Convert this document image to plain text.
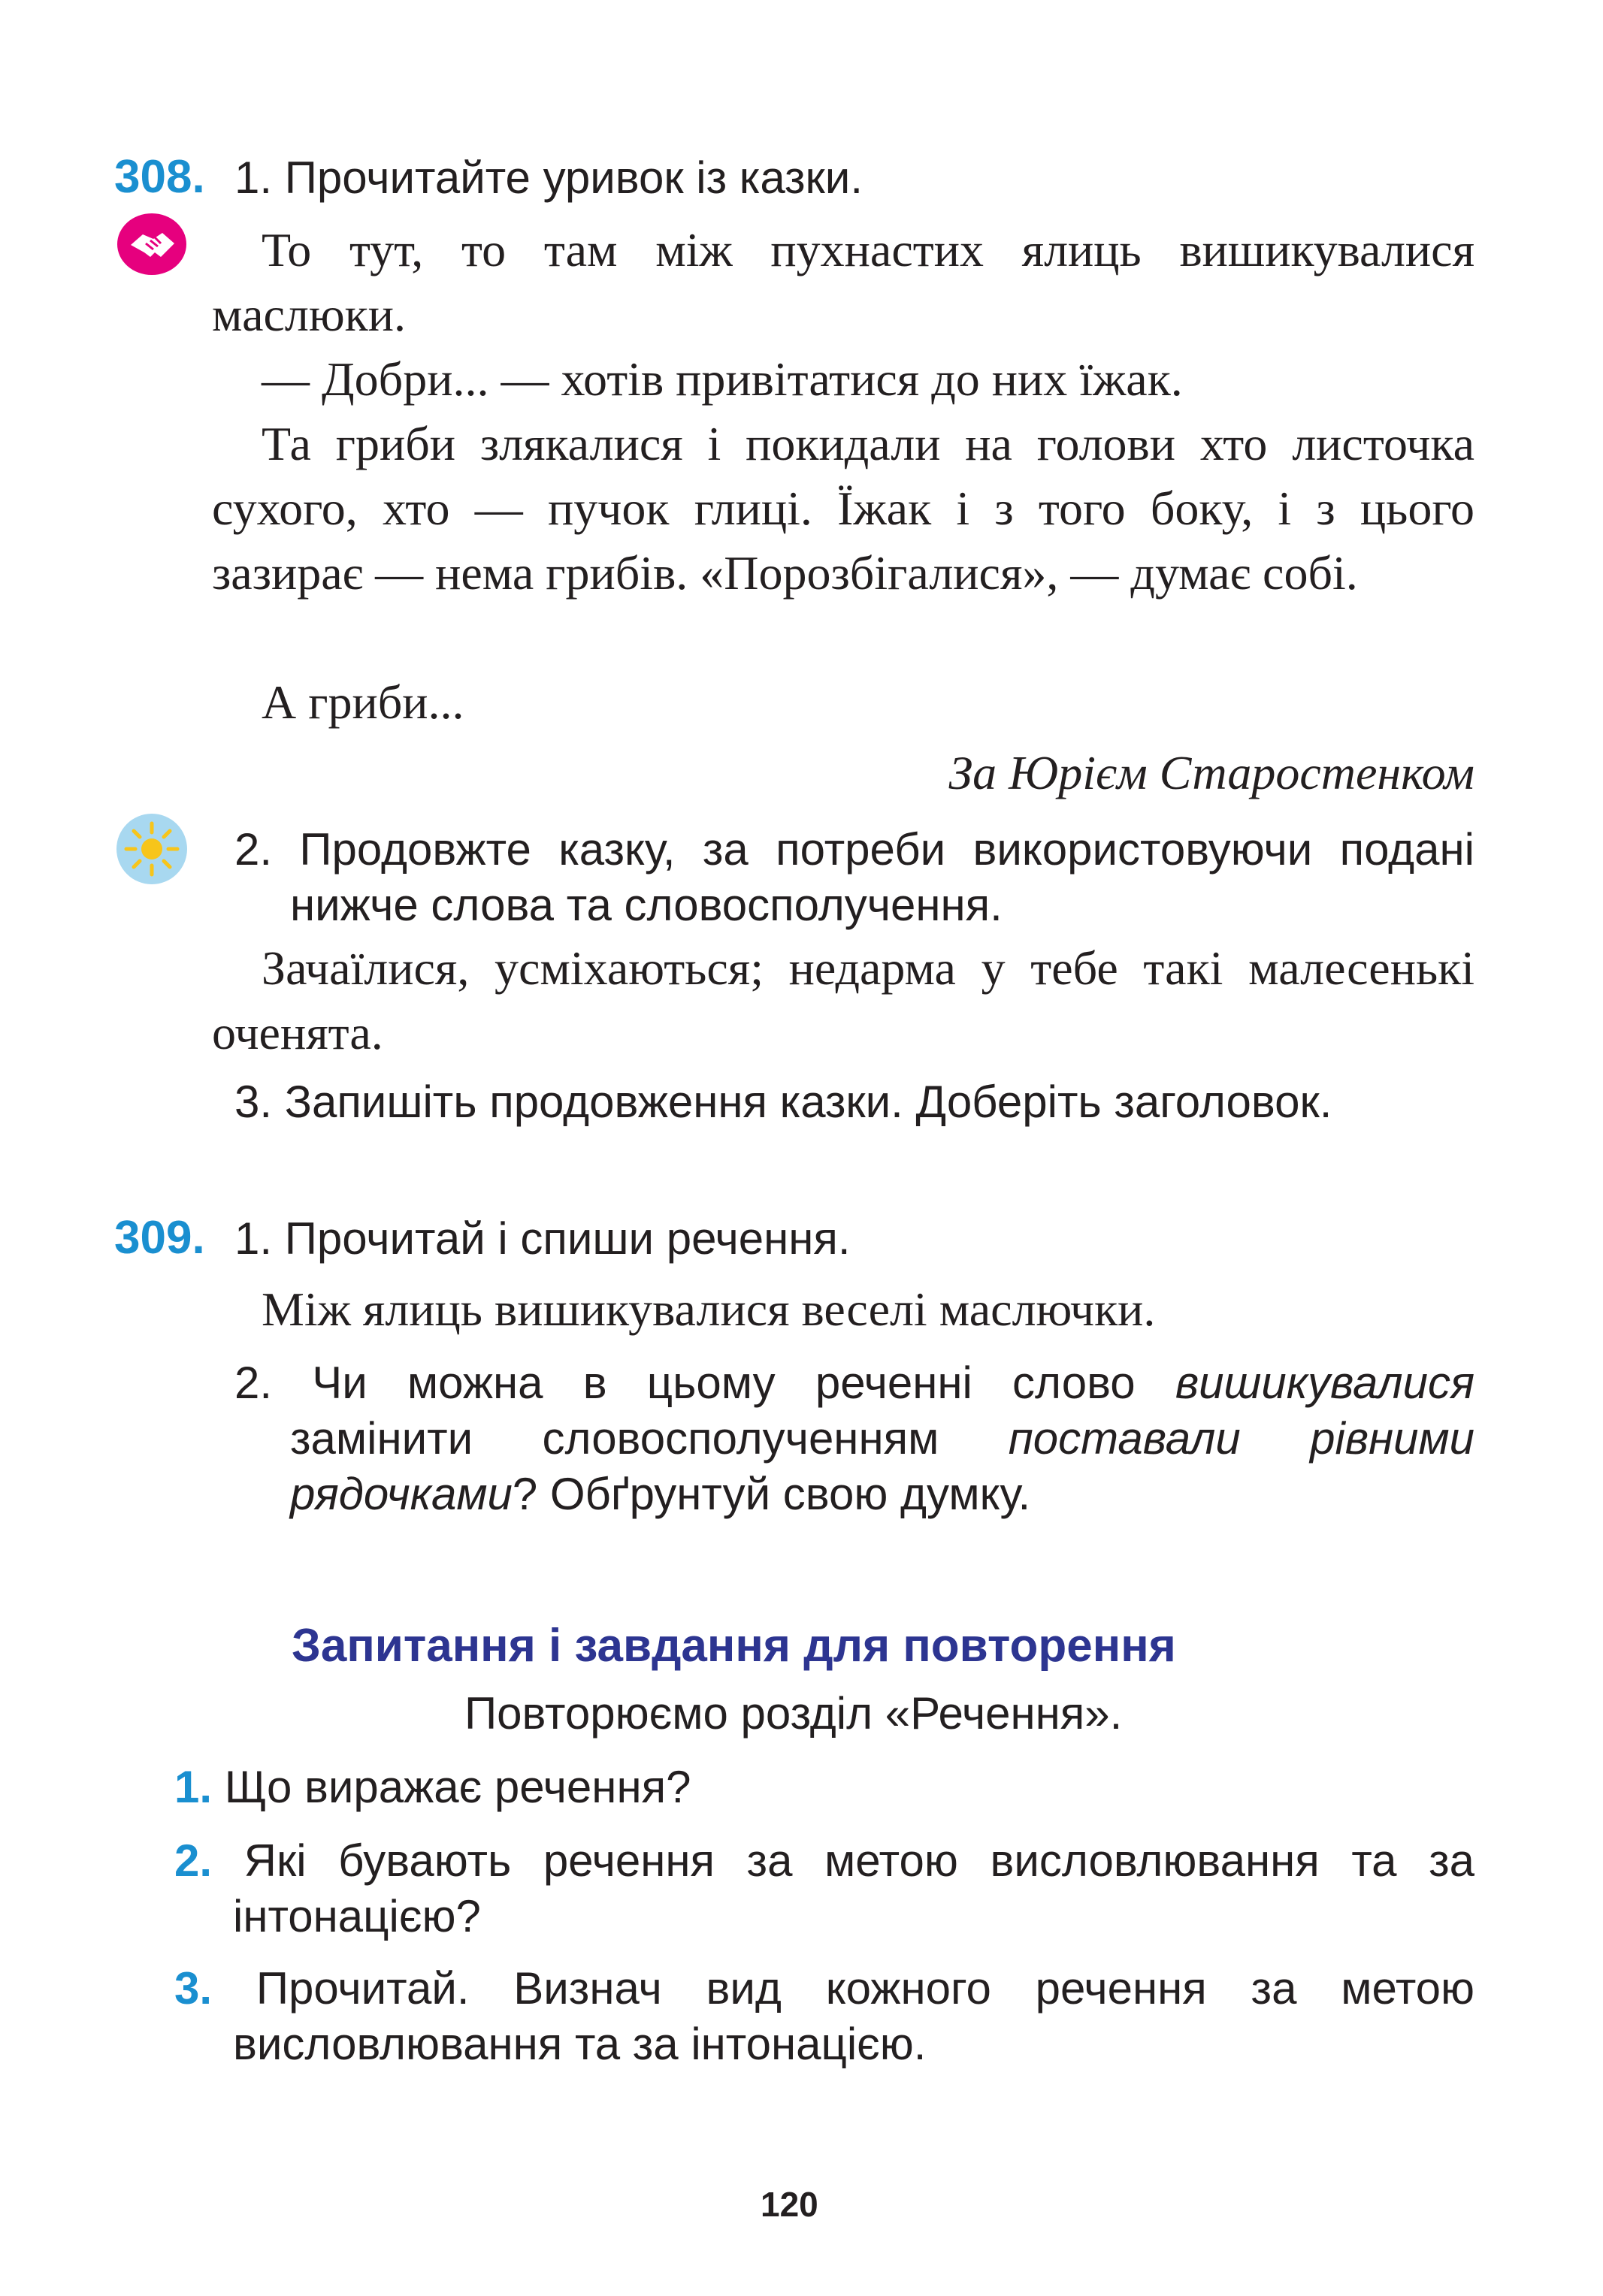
308. 1. Прочитайте уривок із казки.
То тут, то там між пухнастих ялиць вишикувалися маслюки.
— Добри... — хотів привітатися до них їжак.
Та гриби злякалися і покидали на голови хто листочка сухого, хто — пучок глиці. Їжак і з того боку, і з цього зазирає — нема грибів. «Порозбігалися», — думає собі.
А гриби...
За Юрієм Старостенком
2. Продовжте казку, за потреби використовуючи подані нижче слова та словосполучення.
Зачаїлися, усміхаються; недарма у тебе такі малесенькі оченята.
3. Запишіть продовження казки. Доберіть заголовок.
309. 1. Прочитай і спиши речення.
Між ялиць вишикувалися веселі маслючки.
2. Чи можна в цьому реченні слово вишикувалися замінити словосполученням поставали рівними рядочками? Обґрунтуй свою думку.
Запитання і завдання для повторення
Повторюємо розділ «Речення».
1. Що виражає речення?
2. Які бувають речення за метою висловлювання та за інтонацією?
3. Прочитай. Визнач вид кожного речення за метою висловлювання та за інтонацією.
120
